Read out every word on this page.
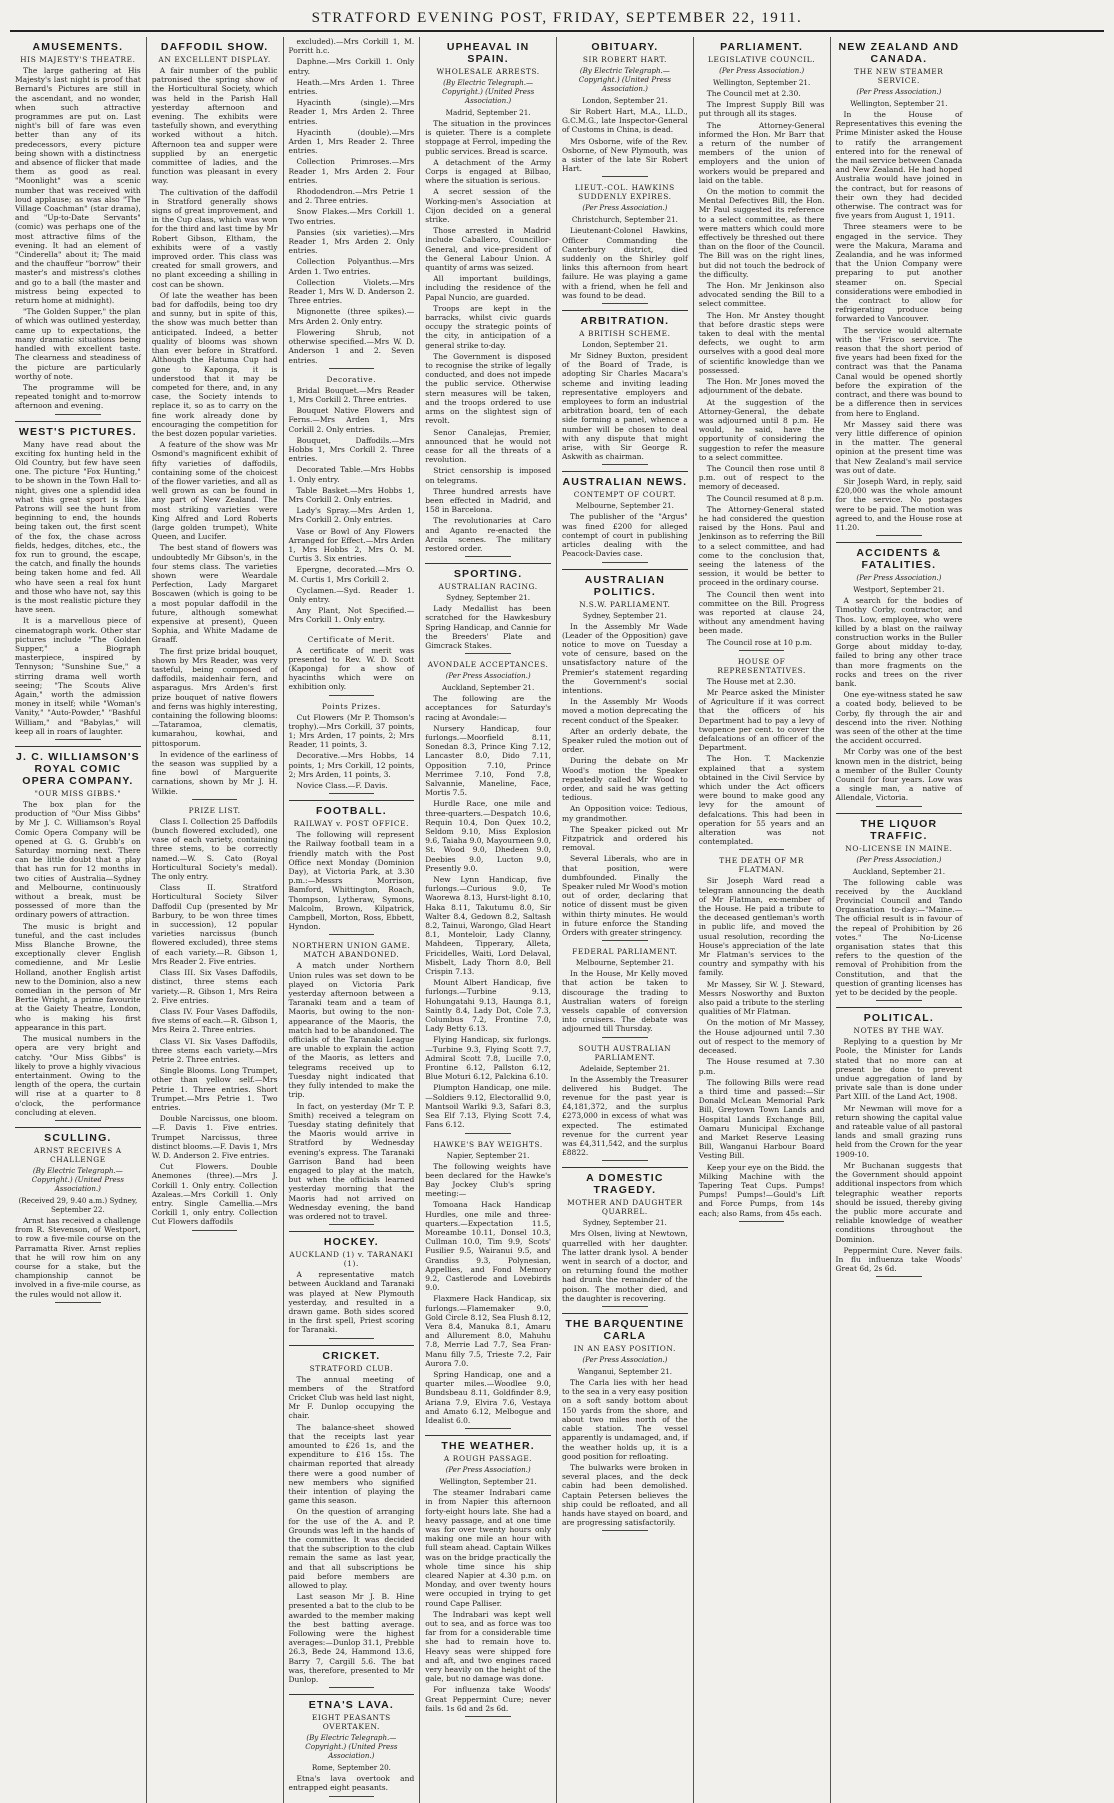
STRATFORD EVENING POST, FRIDAY, SEPTEMBER 22, 1911.
AMUSEMENTS.
HIS MAJESTY'S THEATRE.

The large gathering at His Majesty's last night is proof that Bernard's Pictures are still in the ascendant, and no wonder, when such attractive programmes are put on. Last night's bill of fare was even better than any of its predecessors, every picture being shown with a distinctness and absence of flicker that made them as good as real. "Moonlight" was a scenic number that was received with loud applause; as was also "The Village Coachman" (star drama), and "Up-to-Date Servants" (comic) was perhaps one of the most attractive films of the evening. It had an element of "Cinderella" about it; The maid and the chauffeur "borrow" their master's and mistress's clothes and go to a ball (the master and mistress being expected to return home at midnight).

"The Golden Supper," the plan of which was outlined yesterday, came up to expectations, the many dramatic situations being handled with excellent taste. The clearness and steadiness of the picture are particularly worthy of note.

The programme will be repeated tonight and to-morrow afternoon and evening.

WEST'S PICTURES.

Many have read about the exciting fox hunting held in the Old Country, but few have seen one. The picture "Fox Hunting," to be shown in the Town Hall to-night, gives one a splendid idea what this great sport is like. Patrons will see the hunt from beginning to end, the hounds being taken out, the first scent of the fox, the chase across fields, hedges, ditches, etc., the fox run to ground, the escape, the catch, and finally the hounds being taken home and fed. All who have seen a real fox hunt and those who have not, say this is the most realistic picture they have seen.

It is a marvellous piece of cinematograph work. Other star pictures include "The Golden Supper," a Biograph masterpiece, inspired by Tennyson; "Sunshine Sue," a stirring drama well worth seeing; "The Scouts Alive Again," worth the admission money in itself; while "Woman's Vanity," "Auto-Powder," "Bashful William," and "Babylas," will keep all in roars of laughter.

J. C. WILLIAMSON'S ROYAL COMIC OPERA COMPANY.
"OUR MISS GIBBS."

The box plan for the production of "Our Miss Gibbs" by Mr J. C. Williamson's Royal Comic Opera Company will be opened at G. G. Grubb's on Saturday morning next. There can be little doubt that a play that has run for 12 months in two cities of Australia—Sydney and Melbourne, continuously without a break, must be possessed of more than the ordinary powers of attraction.

The music is bright and tuneful, and the cast includes Miss Blanche Browne, the exceptionally clever English comedienne, and Mr Leslie Holland, another English artist new to the Dominion, also a new comedian in the person of Mr Bertie Wright, a prime favourite at the Gaiety Theatre, London, who is making his first appearance in this part.

The musical numbers in the opera are very bright and catchy. "Our Miss Gibbs" is likely to prove a highly vivacious entertainment. Owing to the length of the opera, the curtain will rise at a quarter to 8 o'clock, the performance concluding at eleven.

SCULLING.
ARNST RECEIVES A CHALLENGE
(By Electric Telegraph.—Copyright.) (United Press Association.)
(Received 29, 9.40 a.m.) Sydney, September 22.

Arnst has received a challenge from R. Stevenson, of Westport, to row a five-mile course on the Parramatta River. Arnst replies that he will row him on any course for a stake, but the championship cannot be involved in a five-mile course, as the rules would not allow it.

DAFFODIL SHOW.
AN EXCELLENT DISPLAY.

A fair number of the public patronised the spring show of the Horticultural Society, which was held in the Parish Hall yesterday afternoon and evening. The exhibits were tastefully shown, and everything worked without a hitch. Afternoon tea and supper were supplied by an energetic committee of ladies, and the function was pleasant in every way.

The cultivation of the daffodil in Stratford generally shows signs of great improvement, and in the Cup class, which was won for the third and last time by Mr Robert Gibson, Eltham, the exhibits were of a vastly improved order. This class was created for small growers, and no plant exceeding a shilling in cost can be shown.

Of late the weather has been bad for daffodils, being too dry and sunny, but in spite of this, the show was much better than anticipated. Indeed, a better quality of blooms was shown than ever before in Stratford. Although the Hatuma Cup had gone to Kaponga, it is understood that it may be competed for there, and, in any case, the Society intends to replace it, so as to carry on the fine work already done by encouraging the competition for the best dozen popular varieties.

A feature of the show was Mr Osmond's magnificent exhibit of fifty varieties of daffodils, containing some of the choicest of the flower varieties, and all as well grown as can be found in any part of New Zealand. The most striking varieties were King Alfred and Lord Roberts (large golden trumpet), White Queen, and Lucifer.

The best stand of flowers was undoubtedly Mr Gibson's, in the four stems class. The varieties shown were Weardale Perfection, Lady Margaret Boscawen (which is going to be a most popular daffodil in the future, although somewhat expensive at present), Queen Sophia, and White Madame de Graaff.

The first prize bridal bouquet, shown by Mrs Reader, was very tasteful, being composed of daffodils, maidenhair fern, and asparagus. Mrs Arden's first prize bouquet of native flowers and ferns was highly interesting, containing the following blooms:—Tataramoa, clematis, kumarahou, kowhai, and pittosporum.

In evidence of the earliness of the season was supplied by a fine bowl of Marguerite carnations, shown by Mr J. H. Wilkie.

PRIZE LIST.

Class I. Collection 25 Daffodils (bunch flowered excluded), one vase of each variety, containing three stems, to be correctly named.—W. S. Cato (Royal Horticultural Society's medal). The only entry.

Class II. Stratford Horticultural Society Silver Daffodil Cup (presented by Mr Barbury, to be won three times in succession), 12 popular varieties narcissus (bunch flowered excluded), three stems of each variety.—R. Gibson 1, Mrs Reader 2. Five entries.

Class III. Six Vases Daffodils, distinct, three stems each variety.—R. Gibson 1, Mrs Reira 2. Five entries.

Class IV. Four Vases Daffodils, five stems of each.—R. Gibson 1, Mrs Reira 2. Three entries.

Class VI. Six Vases Daffodils, three stems each variety.—Mrs Petrie 2. Three entries.

Single Blooms. Long Trumpet, other than yellow self.—Mrs Petrie 1. Three entries. Short Trumpet.—Mrs Petrie 1. Two entries.

Double Narcissus, one bloom.—F. Davis 1. Five entries. Trumpet Narcissus, three distinct blooms.—F. Davis 1, Mrs W. D. Anderson 2. Five entries.

Cut Flowers. Double Anemones (three).—Mrs J. Corkill 1. Only entry. Collection Azaleas.—Mrs Corkill 1. Only entry. Single Camellia.—Mrs Corkill 1, only entry. Collection Cut Flowers daffodils

excluded).—Mrs Corkill 1, M. Porritt h.c.

Daphne.—Mrs Corkill 1. Only entry.

Heath.—Mrs Arden 1. Three entries.

Hyacinth (single).—Mrs Reader 1, Mrs Arden 2. Three entries.

Hyacinth (double).—Mrs Arden 1, Mrs Reader 2. Three entries.

Collection Primroses.—Mrs Reader 1, Mrs Arden 2. Four entries.

Rhododendron.—Mrs Petrie 1 and 2. Three entries.

Snow Flakes.—Mrs Corkill 1. Two entries.

Pansies (six varieties).—Mrs Reader 1, Mrs Arden 2. Only entries.

Collection Polyanthus.—Mrs Arden 1. Two entries.

Collection Violets.—Mrs Reader 1, Mrs W. D. Anderson 2. Three entries.

Mignonette (three spikes).—Mrs Arden 2. Only entry.

Flowering Shrub, not otherwise specified.—Mrs W. D. Anderson 1 and 2. Seven entries.

Decorative.

Bridal Bouquet.—Mrs Reader 1, Mrs Corkill 2. Three entries.

Bouquet Native Flowers and Ferns.—Mrs Arden 1, Mrs Corkill 2. Only entries.

Bouquet, Daffodils.—Mrs Hobbs 1, Mrs Corkill 2. Three entries.

Decorated Table.—Mrs Hobbs 1. Only entry.

Table Basket.—Mrs Hobbs 1, Mrs Corkill 2. Only entries.

Lady's Spray.—Mrs Arden 1, Mrs Corkill 2. Only entries.

Vase or Bowl of Any Flowers Arranged for Effect.—Mrs Arden 1, Mrs Hobbs 2, Mrs O. M. Curtis 3. Six entries.

Epergne, decorated.—Mrs O. M. Curtis 1, Mrs Corkill 2.

Cyclamen.—Syd. Reader 1. Only entry.

Any Plant, Not Specified.—Mrs Corkill 1. Only entry.

Certificate of Merit.

A certificate of merit was presented to Rev. W. D. Scott (Kaponga) for a show of hyacinths which were on exhibition only.

Points Prizes.

Cut Flowers (Mr P. Thomson's trophy).—Mrs Corkill, 37 points, 1; Mrs Arden, 17 points, 2; Mrs Reader, 11 points, 3.

Decorative.—Mrs Hobbs, 14 points, 1; Mrs Corkill, 12 points, 2; Mrs Arden, 11 points, 3.

Novice Class.—F. Davis.

FOOTBALL.
RAILWAY v. POST OFFICE.

The following will represent the Railway football team in a friendly match with the Post Office next Monday (Dominion Day), at Victoria Park, at 3.30 p.m.:—Messrs Morrison, Bamford, Whittington, Roach, Thompson, Lytheraw, Symons, Malcolm, Brown, Kilpatrick, Campbell, Morton, Ross, Ebbett, Hyndon.

NORTHERN UNION GAME. MATCH ABANDONED.

A match under Northern Union rules was set down to be played on Victoria Park yesterday afternoon between a Taranaki team and a team of Maoris, but owing to the non-appearance of the Maoris, the match had to be abandoned. The officials of the Taranaki League are unable to explain the action of the Maoris, as letters and telegrams received up to Tuesday night indicated that they fully intended to make the trip.

In fact, on yesterday (Mr T. P. Smith) received a telegram on Tuesday stating definitely that the Maoris would arrive in Stratford by Wednesday evening's express. The Taranaki Garrison Band had been engaged to play at the match, but when the officials learned yesterday morning that the Maoris had not arrived on Wednesday evening, the band was ordered not to travel.

HOCKEY.
AUCKLAND (1) v. TARANAKI (1).

A representative match between Auckland and Taranaki was played at New Plymouth yesterday, and resulted in a drawn game. Both sides scored in the first spell, Priest scoring for Taranaki.

CRICKET.
STRATFORD CLUB.

The annual meeting of members of the Stratford Cricket Club was held last night, Mr F. Dunlop occupying the chair.

The balance-sheet showed that the receipts last year amounted to £26 1s, and the expenditure to £16 15s. The chairman reported that already there were a good number of new members who signified their intention of playing the game this season.

On the question of arranging for the use of the A. and P. Grounds was left in the hands of the committee. It was decided that the subscription to the club remain the same as last year, and that all subscriptions be paid before members are allowed to play.

Last season Mr J. B. Hine presented a bat to the club to be awarded to the member making the best batting average. Following were the highest averages:—Dunlop 31.1, Prebble 26.3, Bede 24, Hammond 13.6, Barry 7, Cargill 5.6. The bat was, therefore, presented to Mr Dunlop.

ETNA'S LAVA.
EIGHT PEASANTS OVERTAKEN.
(By Electric Telegraph.—Copyright.) (United Press Association.)
Rome, September 20.

Etna's lava overtook and entrapped eight peasants.

UPHEAVAL IN SPAIN.
WHOLESALE ARRESTS.
(By Electric Telegraph.—Copyright.) (United Press Association.)
Madrid, September 21.

The situation in the provinces is quieter. There is a complete stoppage at Ferrol, impeding the public services. Bread is scarce.

A detachment of the Army Corps is engaged at Bilbao, where the situation is serious.

A secret session of the Working-men's Association at Cijon decided on a general strike.

Those arrested in Madrid include Caballero, Councillor-General, and vice-president of the General Labour Union. A quantity of arms was seized.

All important buildings, including the residence of the Papal Nuncio, are guarded.

Troops are kept in the barracks, whilst civic guards occupy the strategic points of the city, in anticipation of a general strike to-day.

The Government is disposed to recognise the strike of legally conducted, and does not impede the public service. Otherwise stern measures will be taken, and the troops ordered to use arms on the slightest sign of revolt.

Senor Canalejas, Premier, announced that he would not cease for all the threats of a revolution.

Strict censorship is imposed on telegrams.

Three hundred arrests have been effected in Madrid, and 158 in Barcelona.

The revolutionaries at Caro and Aganto re-enacted the Arcila scenes. The military restored order.

SPORTING.
AUSTRALIAN RACING.
Sydney, September 21.

Lady Medallist has been scratched for the Hawkesbury Spring Handicap, and Cannie for the Breeders' Plate and Gimcrack Stakes.

AVONDALE ACCEPTANCES.
(Per Press Association.)
Auckland, September 21.

The following are the acceptances for Saturday's racing at Avondale:—

Nursery Handicap, four furlongs.—Moorfield 8.11, Sonedan 8.3, Prince King 7.12, Lancaster 8.0, Dido 7.11, Opposition 7.10, Prince Merrimee 7.10, Fond 7.8, Salvannie, Maneline, Face, Mortis 7.5.

Hurdle Race, one mile and three-quarters.—Despatch 10.6, Requin 10.4, Don Quex 10.2, Seldom 9.10, Miss Explosion 9.6, Taiaha 9.0, Mayourneen 9.0, St. Wood 9.0, Dhedeen 9.0, Deebies 9.0, Lucton 9.0, Presently 9.0.

New Lynn Handicap, five furlongs.—Curious 9.0, Te Waorewa 8.13, Hurst-light 8.10, Haka 8.11, Takutumu 8.0, Sir Walter 8.4, Gedown 8.2, Saltash 8.2, Tainui, Warongo, Glad Heart 8.1, Monteloir, Lady Clanny, Mahdeen, Tipperary, Alleta, Fricidelles, Waiti, Lord Delaval, Misbelt, Lady Thorn 8.0, Bell Crispin 7.13.

Mount Albert Handicap, five furlongs.—Turbine 9.13, Hohungatahi 9.13, Haunga 8.1, Saintly 8.4, Lady Dot, Cole 7.3, Columbus 7.2, Frontine 7.0, Lady Betty 6.13.

Flying Handicap, six furlongs.—Turbine 9.3, Flying Scott 7.7, Admiral Scott 7.8, Lucille 7.0, Frontine 6.12, Pallston 6.12, Blue Moturi 6.12, Palckina 6.10.

Plumpton Handicap, one mile.—Soldiers 9.12, Electorallid 9.0, Mantsoil Warlki 9.3, Safari 8.3, Sea Elf 7.13, Flying Scott 7.4, Fans 6.12.

HAWKE'S BAY WEIGHTS.
Napier, September 21.

The following weights have been declared for the Hawke's Bay Jockey Club's spring meeting:—

Tomoana Hack Handicap Hurdles, one mile and three-quarters.—Expectation 11.5, Moreambe 10.11, Donsel 10.3, Cullman 10.0, Tim 9.9, Scots' Fusilier 9.5, Wairanui 9.5, and Grandiss 9.3, Polynesian, Appellies, and Fond Memory 9.2, Castlerode and Lovebirds 9.0.

Flaxmere Hack Handicap, six furlongs.—Flamemaker 9.0, Gold Circle 8.12, Sea Flush 8.12, Vera 8.4, Manuka 8.1, Amaru and Allurement 8.0, Mahuhu 7.8, Merrie Lad 7.7, Sea Fran-Manu filly 7.5, Trieste 7.2, Fair Aurora 7.0.

Spring Handicap, one and a quarter miles.—Woodlee 9.0, Bundsbeau 8.11, Goldfinder 8.9, Ariana 7.9, Elvira 7.6, Vestaya and Amato 6.12, Melbogue and Idealist 6.0.

THE WEATHER.
A ROUGH PASSAGE.
(Per Press Association.)
Wellington, September 21.

The steamer Indrabari came in from Napier this afternoon forty-eight hours late. She had a heavy passage, and at one time was for over twenty hours only making one mile an hour with full steam ahead. Captain Wilkes was on the bridge practically the whole time since his ship cleared Napier at 4.30 p.m. on Monday, and over twenty hours were occupied in trying to get round Cape Palliser.

The Indrabari was kept well out to sea, and as force was too far from for a considerable time she had to remain hove to. Heavy seas were shipped fore and aft, and two engines raced very heavily on the height of the gale, but no damage was done.

For influenza take Woods' Great Peppermint Cure; never fails. 1s 6d and 2s 6d.

OBITUARY.
SIR ROBERT HART.
(By Electric Telegraph.—Copyright.) (United Press Association.)
London, September 21.

Sir Robert Hart, M.A., LL.D., G.C.M.G., late Inspector-General of Customs in China, is dead.

Mrs Osborne, wife of the Rev. Osborne, of New Plymouth, was a sister of the late Sir Robert Hart.

LIEUT.-COL. HAWKINS SUDDENLY EXPIRES.
(Per Press Association.)
Christchurch, September 21.

Lieutenant-Colonel Hawkins, Officer Commanding the Canterbury district, died suddenly on the Shirley golf links this afternoon from heart failure. He was playing a game with a friend, when he fell and was found to be dead.

ARBITRATION.
A BRITISH SCHEME.
London, September 21.

Mr Sidney Buxton, president of the Board of Trade, is adopting Sir Charles Macara's scheme and inviting leading representative employers and employees to form an industrial arbitration board, ten of each side forming a panel, whence a number will be chosen to deal with any dispute that might arise, with Sir George R. Askwith as chairman.

AUSTRALIAN NEWS.
CONTEMPT OF COURT.
Melbourne, September 21.

The publisher of the "Argus" was fined £200 for alleged contempt of court in publishing articles dealing with the Peacock-Davies case.

AUSTRALIAN POLITICS.
N.S.W. PARLIAMENT.
Sydney, September 21.

In the Assembly Mr Wade (Leader of the Opposition) gave notice to move on Tuesday a vote of censure, based on the unsatisfactory nature of the Premier's statement regarding the Government's social intentions.

In the Assembly Mr Woods moved a motion deprecating the recent conduct of the Speaker.

After an orderly debate, the Speaker ruled the motion out of order.

During the debate on Mr Wood's motion the Speaker repeatedly called Mr Wood to order, and said he was getting tedious.

An Opposition voice: Tedious, my grandmother.

The Speaker picked out Mr Fitzpatrick and ordered his removal.

Several Liberals, who are in that position, were dumbfounded. Finally the Speaker ruled Mr Wood's motion out of order, declaring that notice of dissent must be given within thirty minutes. He would in future enforce the Standing Orders with greater stringency.

FEDERAL PARLIAMENT.
Melbourne, September 21.

In the House, Mr Kelly moved that action be taken to discourage the trading to Australian waters of foreign vessels capable of conversion into cruisers. The debate was adjourned till Thursday.

SOUTH AUSTRALIAN PARLIAMENT.
Adelaide, September 21.

In the Assembly the Treasurer delivered his Budget. The revenue for the past year is £4,181,372, and the surplus £273,000 in excess of what was expected. The estimated revenue for the current year was £4,311,542, and the surplus £8822.

A DOMESTIC TRAGEDY.
MOTHER AND DAUGHTER QUARREL.
Sydney, September 21.

Mrs Olsen, living at Newtown, quarrelled with her daughter. The latter drank lysol. A bender went in search of a doctor, and on returning found the mother had drunk the remainder of the poison. The mother died, and the daughter is recovering.

THE BARQUENTINE CARLA
IN AN EASY POSITION.
(Per Press Association.)
Wanganui, September 21.

The Carla lies with her head to the sea in a very easy position on a soft sandy bottom about 150 yards from the shore, and about two miles north of the cable station. The vessel apparently is undamaged, and, if the weather holds up, it is a good position for refloating.

The bulwarks were broken in several places, and the deck cabin had been demolished. Captain Petersen believes the ship could be refloated, and all hands have stayed on board, and are progressing satisfactorily.

PARLIAMENT.
LEGISLATIVE COUNCIL.
(Per Press Association.)
Wellington, September 21.

The Council met at 2.30.

The Imprest Supply Bill was put through all its stages.

The Attorney-General informed the Hon. Mr Barr that a return of the number of members of the union of employers and the union of workers would be prepared and laid on the table.

On the motion to commit the Mental Defectives Bill, the Hon. Mr Paul suggested its reference to a select committee, as there were matters which could more effectively be threshed out there than on the floor of the Council. The Bill was on the right lines, but did not touch the bedrock of the difficulty.

The Hon. Mr Jenkinson also advocated sending the Bill to a select committee.

The Hon. Mr Anstey thought that before drastic steps were taken to deal with the mental defects, we ought to arm ourselves with a good deal more of scientific knowledge than we possessed.

The Hon. Mr Jones moved the adjournment of the debate.

At the suggestion of the Attorney-General, the debate was adjourned until 8 p.m. He would, he said, have the opportunity of considering the suggestion to refer the measure to a select committee.

The Council then rose until 8 p.m. out of respect to the memory of deceased.

The Council resumed at 8 p.m.

The Attorney-General stated he had considered the question raised by the Hons. Paul and Jenkinson as to referring the Bill to a select committee, and had come to the conclusion that, seeing the lateness of the session, it would be better to proceed in the ordinary course.

The Council then went into committee on the Bill. Progress was reported at clause 24, without any amendment having been made.

The Council rose at 10 p.m.

HOUSE OF REPRESENTATIVES.

The House met at 2.30.

Mr Pearce asked the Minister of Agriculture if it was correct that the officers of his Department had to pay a levy of twopence per cent. to cover the defalcations of an officer of the Department.

The Hon. T. Mackenzie explained that a system obtained in the Civil Service by which under the Act officers were bound to make good any levy for the amount of defalcations. This had been in operation for 55 years and an alteration was not contemplated.

THE DEATH OF MR FLATMAN.

Sir Joseph Ward read a telegram announcing the death of Mr Flatman, ex-member of the House. He paid a tribute to the deceased gentleman's worth in public life, and moved the usual resolution, recording the House's appreciation of the late Mr Flatman's services to the country and sympathy with his family.

Mr Massey, Sir W. J. Steward, Messrs Nosworthy and Buxton also paid a tribute to the sterling qualities of Mr Flatman.

On the motion of Mr Massey, the House adjourned until 7.30 out of respect to the memory of deceased.

The House resumed at 7.30 p.m.

The following Bills were read a third time and passed:—Sir Donald McLean Memorial Park Bill, Greytown Town Lands and Hospital Lands Exchange Bill, Oamaru Municipal Exchange and Market Reserve Leasing Bill, Wanganui Harbour Board Vesting Bill.

Keep your eye on the Bidd. the Milking Machine with the Tapering Teat Cups. Pumps! Pumps! Pumps!—Gould's Lift and Force Pumps, from 14s each; also Rams, from 45s each.

NEW ZEALAND AND CANADA.
THE NEW STEAMER SERVICE.
(Per Press Association.)
Wellington, September 21.

In the House of Representatives this evening the Prime Minister asked the House to ratify the arrangement entered into for the renewal of the mail service between Canada and New Zealand. He had hoped Australia would have joined in the contract, but for reasons of their own they had decided otherwise. The contract was for five years from August 1, 1911.

Three steamers were to be engaged in the service. They were the Makura, Marama and Zealandia, and he was informed that the Union Company were preparing to put another steamer on. Special considerations were embodied in the contract to allow for refrigerating produce being forwarded to Vancouver.

The service would alternate with the 'Frisco service. The reason that the short period of five years had been fixed for the contract was that the Panama Canal would be opened shortly before the expiration of the contract, and there was bound to be a difference then in services from here to England.

Mr Massey said there was very little difference of opinion in the matter. The general opinion at the present time was that New Zealand's mail service was out of date.

Sir Joseph Ward, in reply, said £20,000 was the whole amount for the service. No postages were to be paid. The motion was agreed to, and the House rose at 11.20.

ACCIDENTS & FATALITIES.
(Per Press Association.)
Westport, September 21.

A search for the bodies of Timothy Corby, contractor, and Thos. Low, employee, who were killed by a blast on the railway construction works in the Buller Gorge about midday to-day, failed to bring any other trace than more fragments on the rocks and trees on the river bank.

One eye-witness stated he saw a coated body, believed to be Corby, fly through the air and descend into the river. Nothing was seen of the other at the time the accident occurred.

Mr Corby was one of the best known men in the district, being a member of the Buller County Council for four years. Low was a single man, a native of Allendale, Victoria.

THE LIQUOR TRAFFIC.
NO-LICENSE IN MAINE.
(Per Press Association.)
Auckland, September 21.

The following cable was received by the Auckland Provincial Council and Tando Organisation to-day:—"Maine.—The official result is in favour of the repeal of Prohibition by 26 votes." The No-License organisation states that this refers to the question of the removal of Prohibition from the Constitution, and that the question of granting licenses has yet to be decided by the people.

POLITICAL.
NOTES BY THE WAY.

Replying to a question by Mr Poole, the Minister for Lands stated that no more can at present be done to prevent undue aggregation of land by private sale than is done under Part XIII. of the Land Act, 1908.

Mr Newman will move for a return showing the capital value and rateable value of all pastoral lands and small grazing runs held from the Crown for the year 1909-10.

Mr Buchanan suggests that the Government should appoint additional inspectors from which telegraphic weather reports should be issued, thereby giving the public more accurate and reliable knowledge of weather conditions throughout the Dominion.

Peppermint Cure. Never fails. In flu influenza take Woods' Great 6d, 2s 6d.
